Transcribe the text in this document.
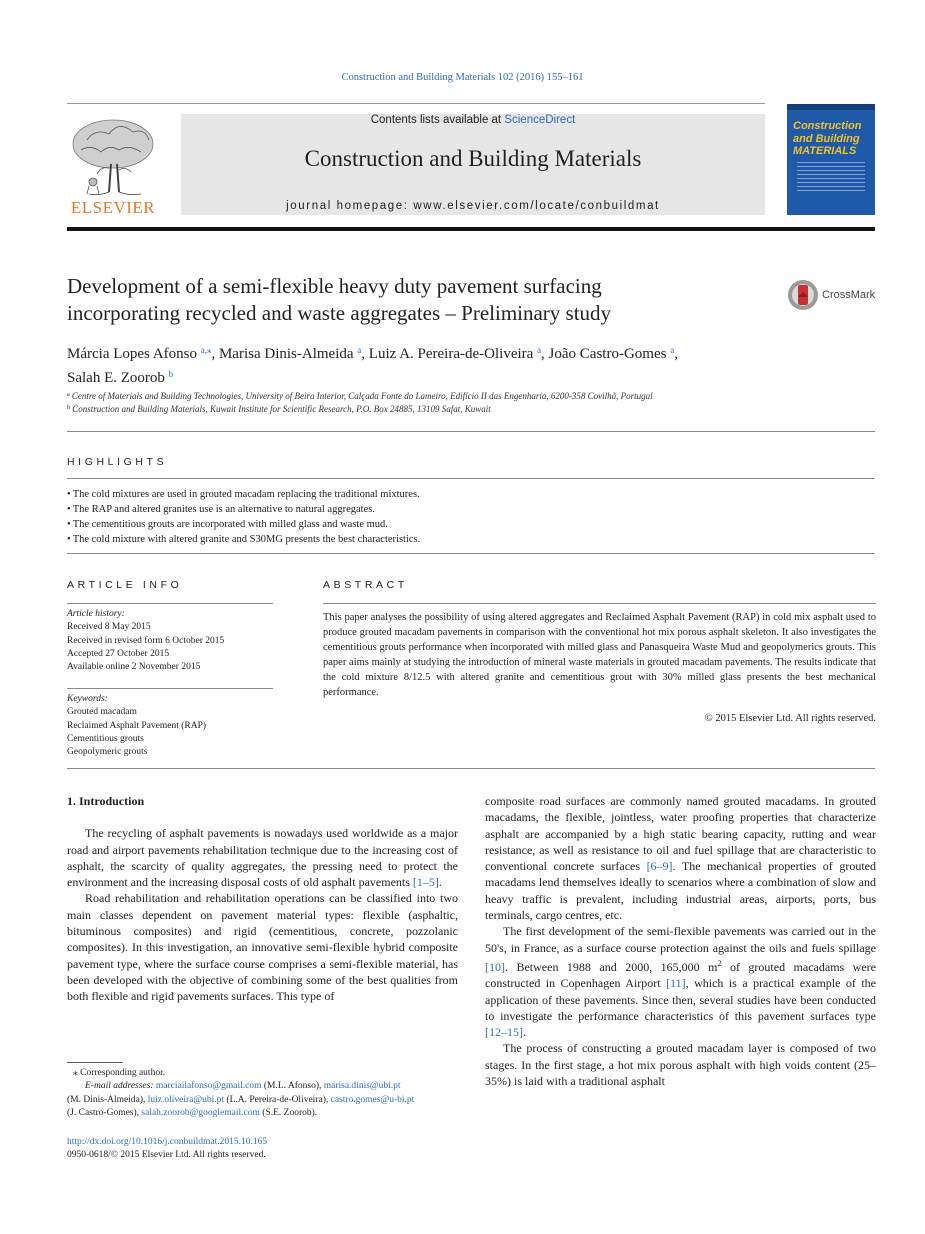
Construction and Building Materials 102 (2016) 155–161
ELSEVIER
Contents lists available at ScienceDirect
Construction and Building Materials
journal homepage: www.elsevier.com/locate/conbuildmat
Construction
and Building
MATERIALS
Development of a semi-flexible heavy duty pavement surfacing
incorporating recycled and waste aggregates – Preliminary study
CrossMark
Márcia Lopes Afonso $^{a,⁎}$, Marisa Dinis-Almeida $^a$, Luiz A. Pereira-de-Oliveira $^a$, João Castro-Gomes $^a$,
Salah E. Zoorob $^b$
$^a$ Centre of Materials and Building Technologies, University of Beira Interior, Calçada Fonte do Lameiro, Edifício II das Engenharia, 6200-358 Covilhã, Portugal
$^b$ Construction and Building Materials, Kuwait Institute for Scientific Research, P.O. Box 24885, 13109 Safat, Kuwait
HIGHLIGHTS
• The cold mixtures are used in grouted macadam replacing the traditional mixtures.
• The RAP and altered granites use is an alternative to natural aggregates.
• The cementitious grouts are incorporated with milled glass and waste mud.
• The cold mixture with altered granite and S30MG presents the best characteristics.
ARTICLE INFO
Article history:
Received 8 May 2015
Received in revised form 6 October 2015
Accepted 27 October 2015
Available online 2 November 2015
Keywords:
Grouted macadam
Reclaimed Asphalt Pavement (RAP)
Cementitious grouts
Geopolymeric grouts
ABSTRACT
This paper analyses the possibility of using altered aggregates and Reclaimed Asphalt Pavement (RAP) in cold mix asphalt used to produce grouted macadam pavements in comparison with the conventional hot mix porous asphalt skeleton. It also investigates the cementitious grouts performance when incorporated with milled glass and Panasqueira Waste Mud and geopolymerics grouts. This paper aims mainly at studying the introduction of mineral waste materials in grouted macadam pavements. The results indicate that the cold mixture 8/12.5 with altered granite and cementitious grout with 30% milled glass presents the best mechanical performance.
© 2015 Elsevier Ltd. All rights reserved.
1. Introduction

The recycling of asphalt pavements is nowadays used worldwide as a major road and airport pavements rehabilitation technique due to the increasing cost of asphalt, the scarcity of quality aggregates, the pressing need to protect the environment and the increasing disposal costs of old asphalt pavements [1–5].

Road rehabilitation and rehabilitation operations can be classified into two main classes dependent on pavement material types: flexible (asphaltic, bituminous composites) and rigid (cementitious, concrete, pozzolanic composites). In this investigation, an innovative semi-flexible hybrid composite pavement type, where the surface course comprises a semi-flexible material, has been developed with the objective of combining some of the best qualities from both flexible and rigid pavements surfaces. This type of

⁎ Corresponding author.
E-mail addresses: marciailafonso@gmail.com (M.L. Afonso), marisa.dinis@ubi.pt
(M. Dinis-Almeida), luiz.oliveira@ubi.pt (L.A. Pereira-de-Oliveira), castro.gomes@u-bi.pt
(J. Castro-Gomes), salah.zoorob@googlemail.com (S.E. Zoorob).
http://dx.doi.org/10.1016/j.conbuildmat.2015.10.165
0950-0618/© 2015 Elsevier Ltd. All rights reserved.

composite road surfaces are commonly named grouted macadams. In grouted macadams, the flexible, jointless, water proofing properties that characterize asphalt are accompanied by a high static bearing capacity, rutting and wear resistance, as well as resistance to oil and fuel spillage that are characteristic to conventional concrete surfaces [6–9]. The mechanical properties of grouted macadams lend themselves ideally to scenarios where a combination of slow and heavy traffic is prevalent, including industrial areas, airports, ports, bus terminals, cargo centres, etc.

The first development of the semi-flexible pavements was carried out in the 50's, in France, as a surface course protection against the oils and fuels spillage [10]. Between 1988 and 2000, 165,000 $m^2$ of grouted macadams were constructed in Copenhagen Airport [11], which is a practical example of the application of these pavements. Since then, several studies have been conducted to investigate the performance characteristics of this pavement surfaces type [12–15].

The process of constructing a grouted macadam layer is composed of two stages. In the first stage, a hot mix porous asphalt with high voids content (25–35%) is laid with a traditional asphalt
